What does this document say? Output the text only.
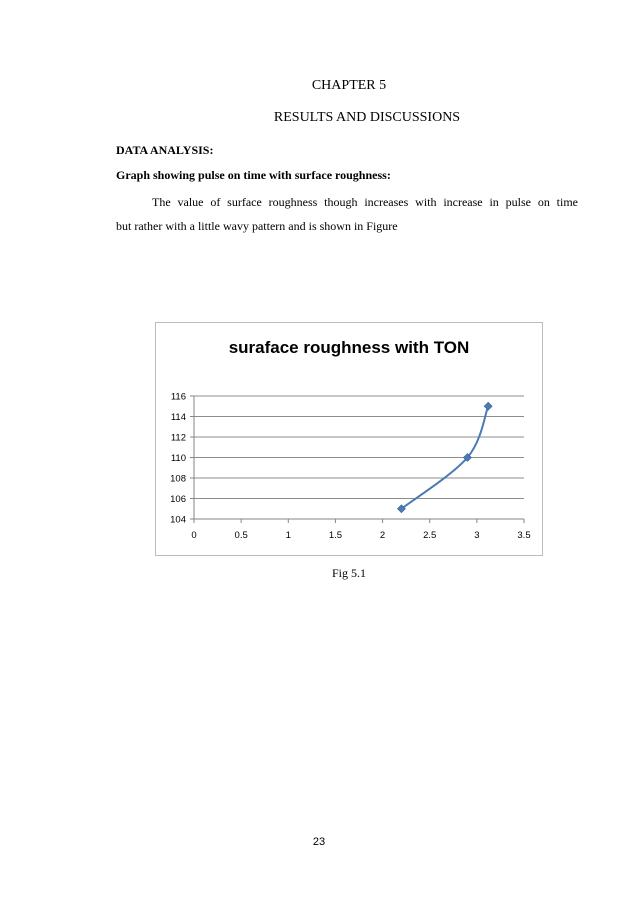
CHAPTER 5
RESULTS AND DISCUSSIONS
DATA ANALYSIS:
Graph showing pulse on time with surface roughness:
The value of surface roughness though increases with increase in pulse on time
but rather with a little wavy pattern and is shown in Figure
suraface roughness with TON
104
106
108
110
112
114
116
0	0.5	1	1.5	2	2.5	3	3.5
Fig 5.1
23
